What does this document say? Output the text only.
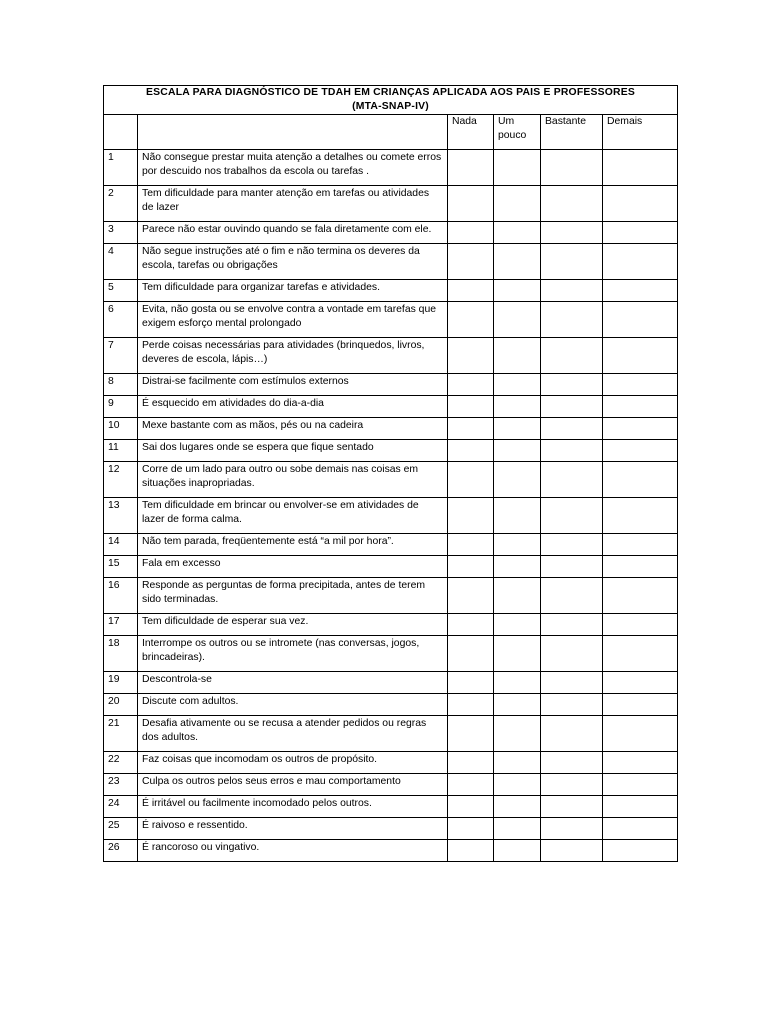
ESCALA PARA DIAGNÓSTICO DE TDAH EM CRIANÇAS APLICADA AOS PAIS E PROFESSORES
(MTA-SNAP-IV)					

		Nada	Um pouco	Bastante	Demais
1	Não consegue prestar muita atenção a detalhes ou comete erros por descuido nos trabalhos da escola ou tarefas .				
2	Tem dificuldade para manter atenção em tarefas ou atividades de lazer				
3	Parece não estar ouvindo quando se fala diretamente com ele.				
4	Não segue instruções até o fim e não termina os deveres da escola, tarefas ou obrigações				
5	Tem dificuldade para organizar tarefas e atividades.				
6	Evita, não gosta ou se envolve contra a vontade em tarefas que exigem esforço mental prolongado				
7	Perde coisas necessárias para atividades (brinquedos, livros, deveres de escola, lápis…)				
8	Distrai-se facilmente com estímulos externos				
9	É esquecido em atividades do dia-a-dia				
10	Mexe bastante com as mãos, pés ou na cadeira				
11	Sai dos lugares onde se espera que fique sentado				
12	Corre de um lado para outro ou sobe demais nas coisas em situações inapropriadas.				
13	Tem dificuldade em brincar ou envolver-se em atividades de lazer de forma calma.				
14	Não tem parada, freqüentemente está “a mil por hora”.				
15	Fala em excesso				
16	Responde as perguntas de forma precipitada, antes de terem sido terminadas.				
17	Tem dificuldade de esperar sua vez.				
18	Interrompe os outros ou se intromete (nas conversas, jogos, brincadeiras).				
19	Descontrola-se				
20	Discute com adultos.				
21	Desafia ativamente ou se recusa a atender pedidos ou regras dos adultos.				
22	Faz coisas que incomodam os outros de propósito.				
23	Culpa os outros pelos seus erros e mau comportamento				
24	É irritável ou facilmente incomodado pelos outros.				
25	É raivoso e ressentido.				
26	É rancoroso ou vingativo.				
